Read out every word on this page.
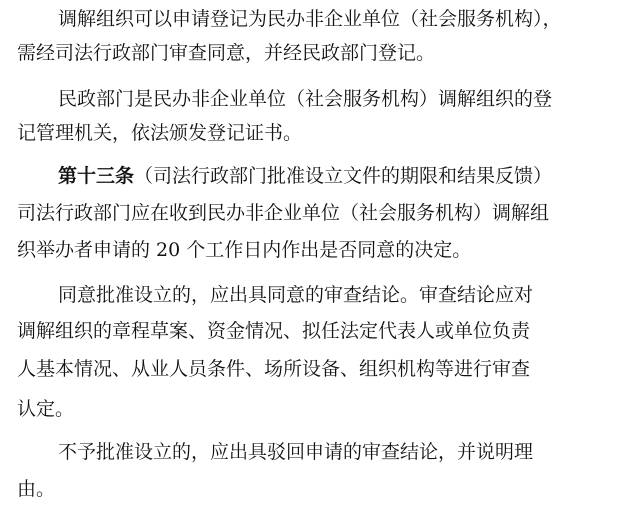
调解组织可以申请登记为民办非企业单位（社会服务机构），
需经司法行政部门审查同意，并经民政部门登记。
民政部门是民办非企业单位（社会服务机构）调解组织的登
记管理机关，依法颁发登记证书。
第十三条（司法行政部门批准设立文件的期限和结果反馈）
司法行政部门应在收到民办非企业单位（社会服务机构）调解组
织举办者申请的 20 个工作日内作出是否同意的决定。
同意批准设立的，应出具同意的审查结论。审查结论应对
调解组织的章程草案、资金情况、拟任法定代表人或单位负责
人基本情况、从业人员条件、场所设备、组织机构等进行审查
认定。
不予批准设立的，应出具驳回申请的审查结论，并说明理
由。
